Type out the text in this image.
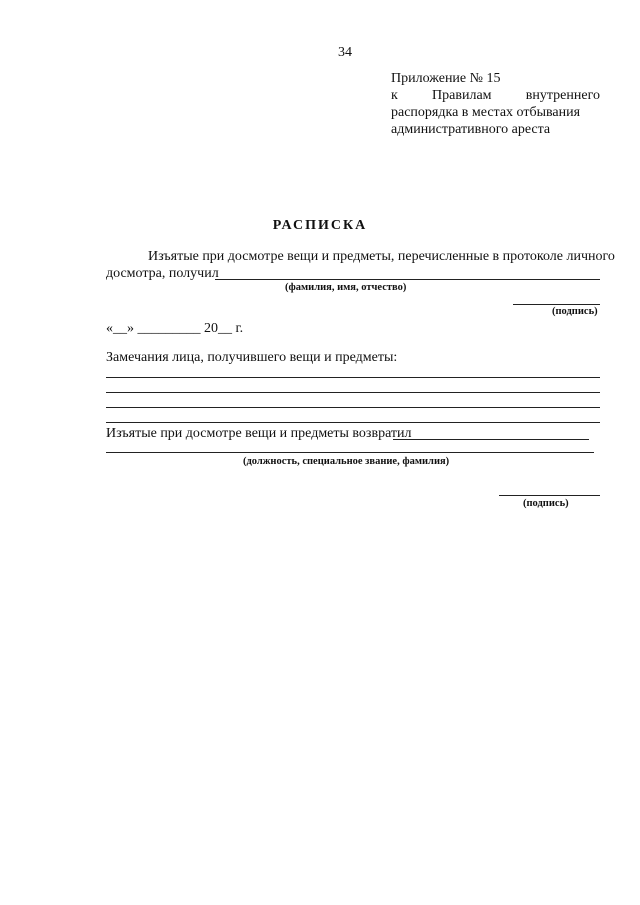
34
Приложение № 15
к Правилам внутреннего
распорядка в местах отбывания
административного ареста
РАСПИСКА
Изъятые при досмотре вещи и предметы, перечисленные в протоколе личного
досмотра, получил
(фамилия, имя, отчество)
(подпись)
«__» _________ 20__ г.
Замечания лица, получившего вещи и предметы:
Изъятые при досмотре вещи и предметы возвратил
(должность, специальное звание, фамилия)
(подпись)
